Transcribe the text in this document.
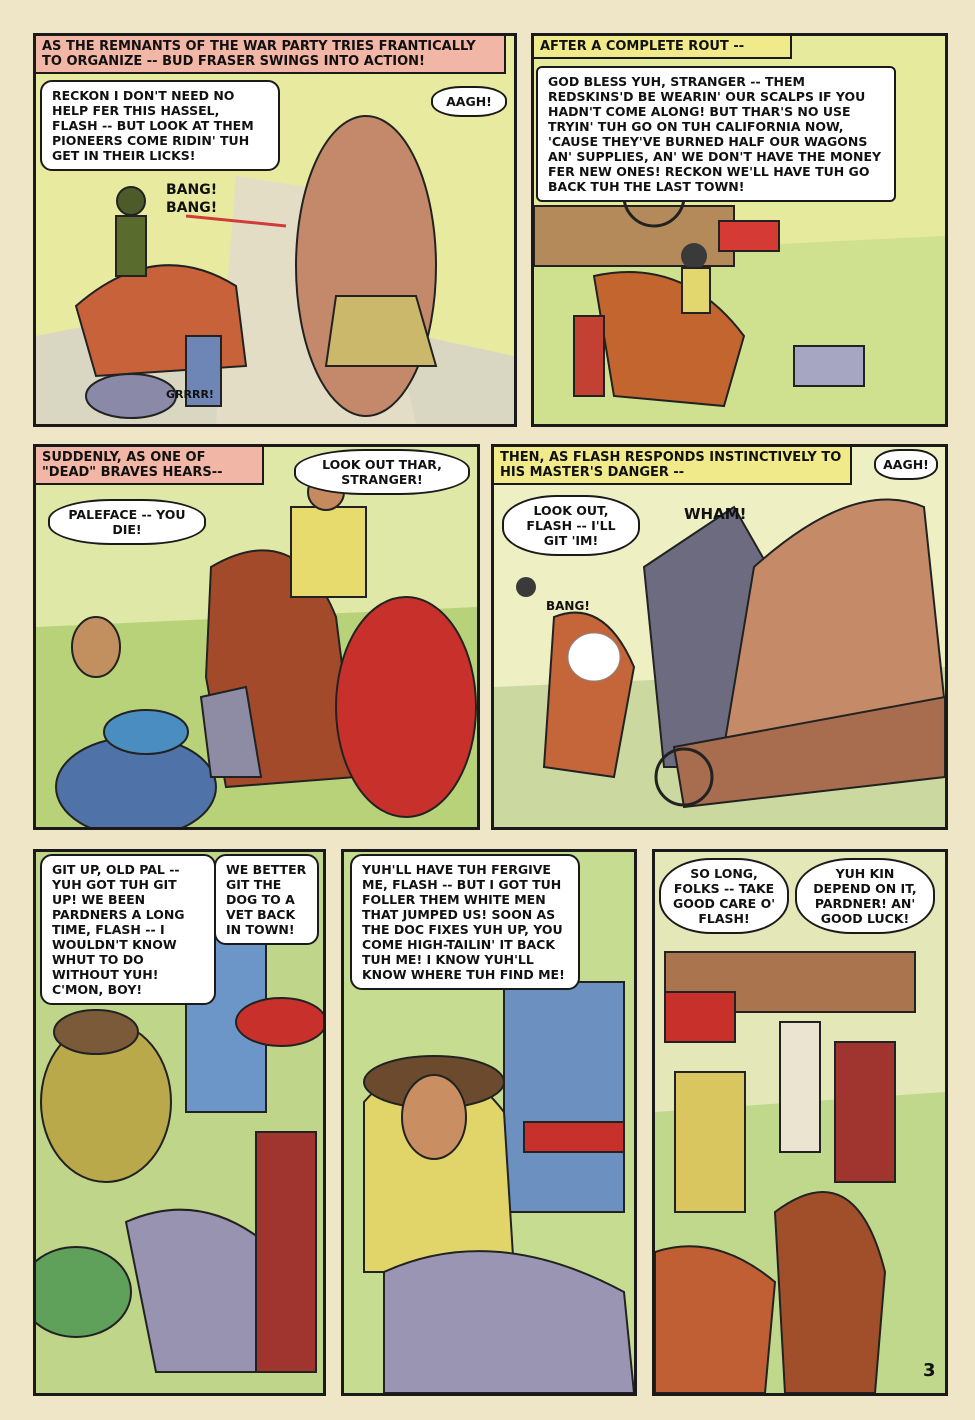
AS THE REMNANTS OF THE WAR PARTY TRIES FRANTICALLY TO ORGANIZE -- BUD FRASER SWINGS INTO ACTION!
RECKON I DON'T NEED NO HELP FER THIS HASSEL, FLASH -- BUT LOOK AT THEM PIONEERS COME RIDIN' TUH GET IN THEIR LICKS!
AAGH!
BANG! BANG!
GRRRR!
AFTER A COMPLETE ROUT --
GOD BLESS YUH, STRANGER -- THEM REDSKINS'D BE WEARIN' OUR SCALPS IF YOU HADN'T COME ALONG! BUT THAR'S NO USE TRYIN' TUH GO ON TUH CALIFORNIA NOW, 'CAUSE THEY'VE BURNED HALF OUR WAGONS AN' SUPPLIES, AN' WE DON'T HAVE THE MONEY FER NEW ONES! RECKON WE'LL HAVE TUH GO BACK TUH THE LAST TOWN!
SUDDENLY, AS ONE OF "DEAD" BRAVES HEARS--
LOOK OUT THAR, STRANGER!
PALEFACE -- YOU DIE!
THEN, AS FLASH RESPONDS INSTINCTIVELY TO HIS MASTER'S DANGER --
AAGH!
LOOK OUT, FLASH -- I'LL GIT 'IM!
WHAM!
BANG!
GIT UP, OLD PAL -- YUH GOT TUH GIT UP! WE BEEN PARDNERS A LONG TIME, FLASH -- I WOULDN'T KNOW WHUT TO DO WITHOUT YUH! C'MON, BOY!
WE BETTER GIT THE DOG TO A VET BACK IN TOWN!
YUH'LL HAVE TUH FERGIVE ME, FLASH -- BUT I GOT TUH FOLLER THEM WHITE MEN THAT JUMPED US! SOON AS THE DOC FIXES YUH UP, YOU COME HIGH-TAILIN' IT BACK TUH ME! I KNOW YUH'LL KNOW WHERE TUH FIND ME!
SO LONG, FOLKS -- TAKE GOOD CARE O' FLASH!
YUH KIN DEPEND ON IT, PARDNER! AN' GOOD LUCK!
3
